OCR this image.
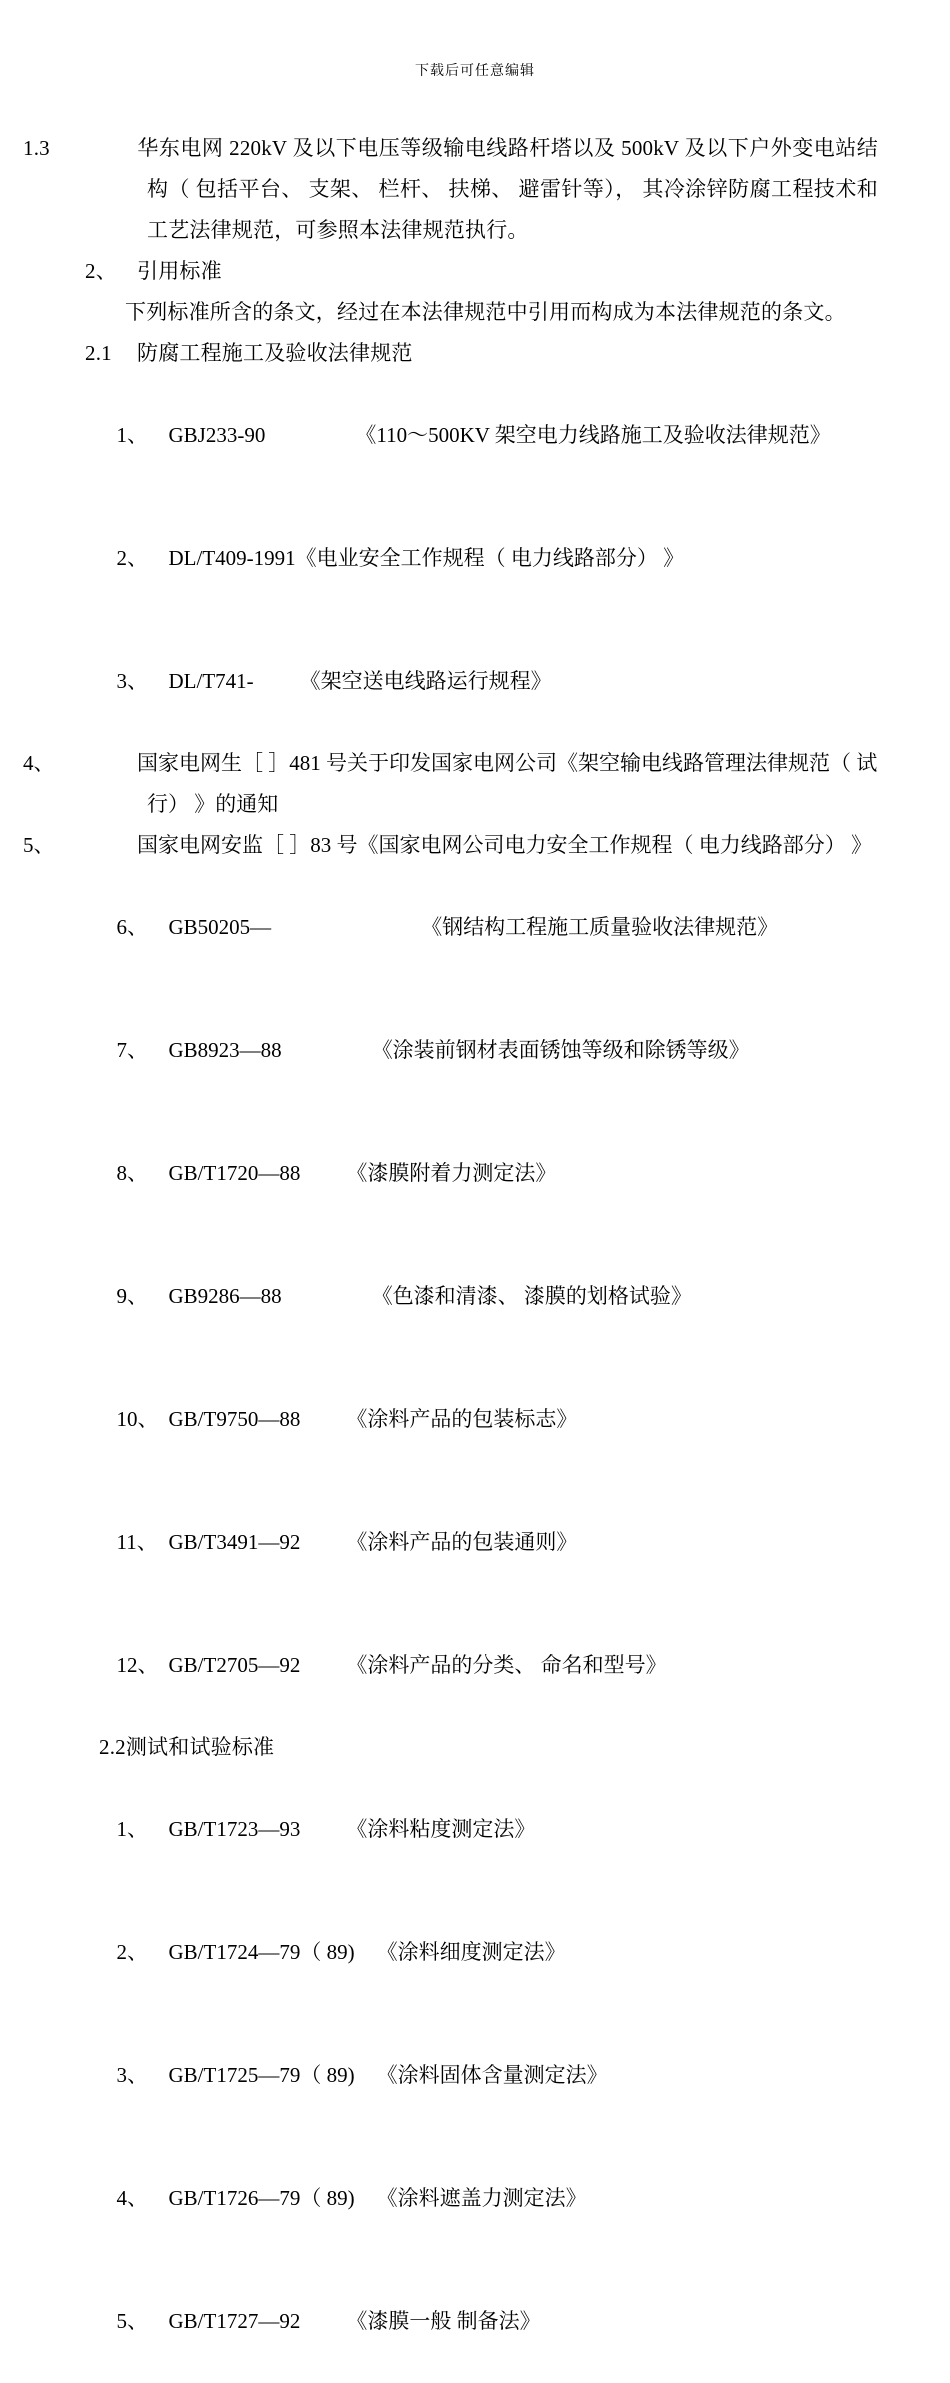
下载后可任意编辑
1.3	华东电网 220kV 及以下电压等级输电线路杆塔以及 500kV 及以下户外变电站结构（ 包括平台、 支架、 栏杆、 扶梯、 避雷针等）， 其冷涂锌防腐工程技术和工艺法律规范，可参照本法律规范执行。
2、 引用标准
下列标准所含的条文，经过在本法律规范中引用而构成为本法律规范的条文。
2.1 防腐工程施工及验收法律规范

1、 GBJ233-90	《110～500KV 架空电力线路施工及验收法律规范》

2、 DL/T409-1991《电业安全工作规程（ 电力线路部分） 》

3、 DL/T741- 《架空送电线路运行规程》

4、	国家电网生［ ］481 号关于印发国家电网公司《架空输电线路管理法律规范（ 试行） 》的通知
5、	国家电网安监［ ］83 号《国家电网公司电力安全工作规程（ 电力线路部分） 》

6、 GB50205—	《钢结构工程施工质量验收法律规范》

7、 GB8923—88	《涂装前钢材表面锈蚀等级和除锈等级》

8、 GB/T1720—88 《漆膜附着力测定法》

9、 GB9286—88	《色漆和清漆、 漆膜的划格试验》

10、 GB/T9750—88 《涂料产品的包装标志》

11、 GB/T3491—92 《涂料产品的包装通则》

12、 GB/T2705—92 《涂料产品的分类、 命名和型号》

2.2测试和试验标准

1、 GB/T1723—93 《涂料粘度测定法》

2、 GB/T1724—79（ 89) 《涂料细度测定法》

3、 GB/T1725—79（ 89) 《涂料固体含量测定法》

4、 GB/T1726—79（ 89) 《涂料遮盖力测定法》

5、 GB/T1727—92 《漆膜一般 制备法》
